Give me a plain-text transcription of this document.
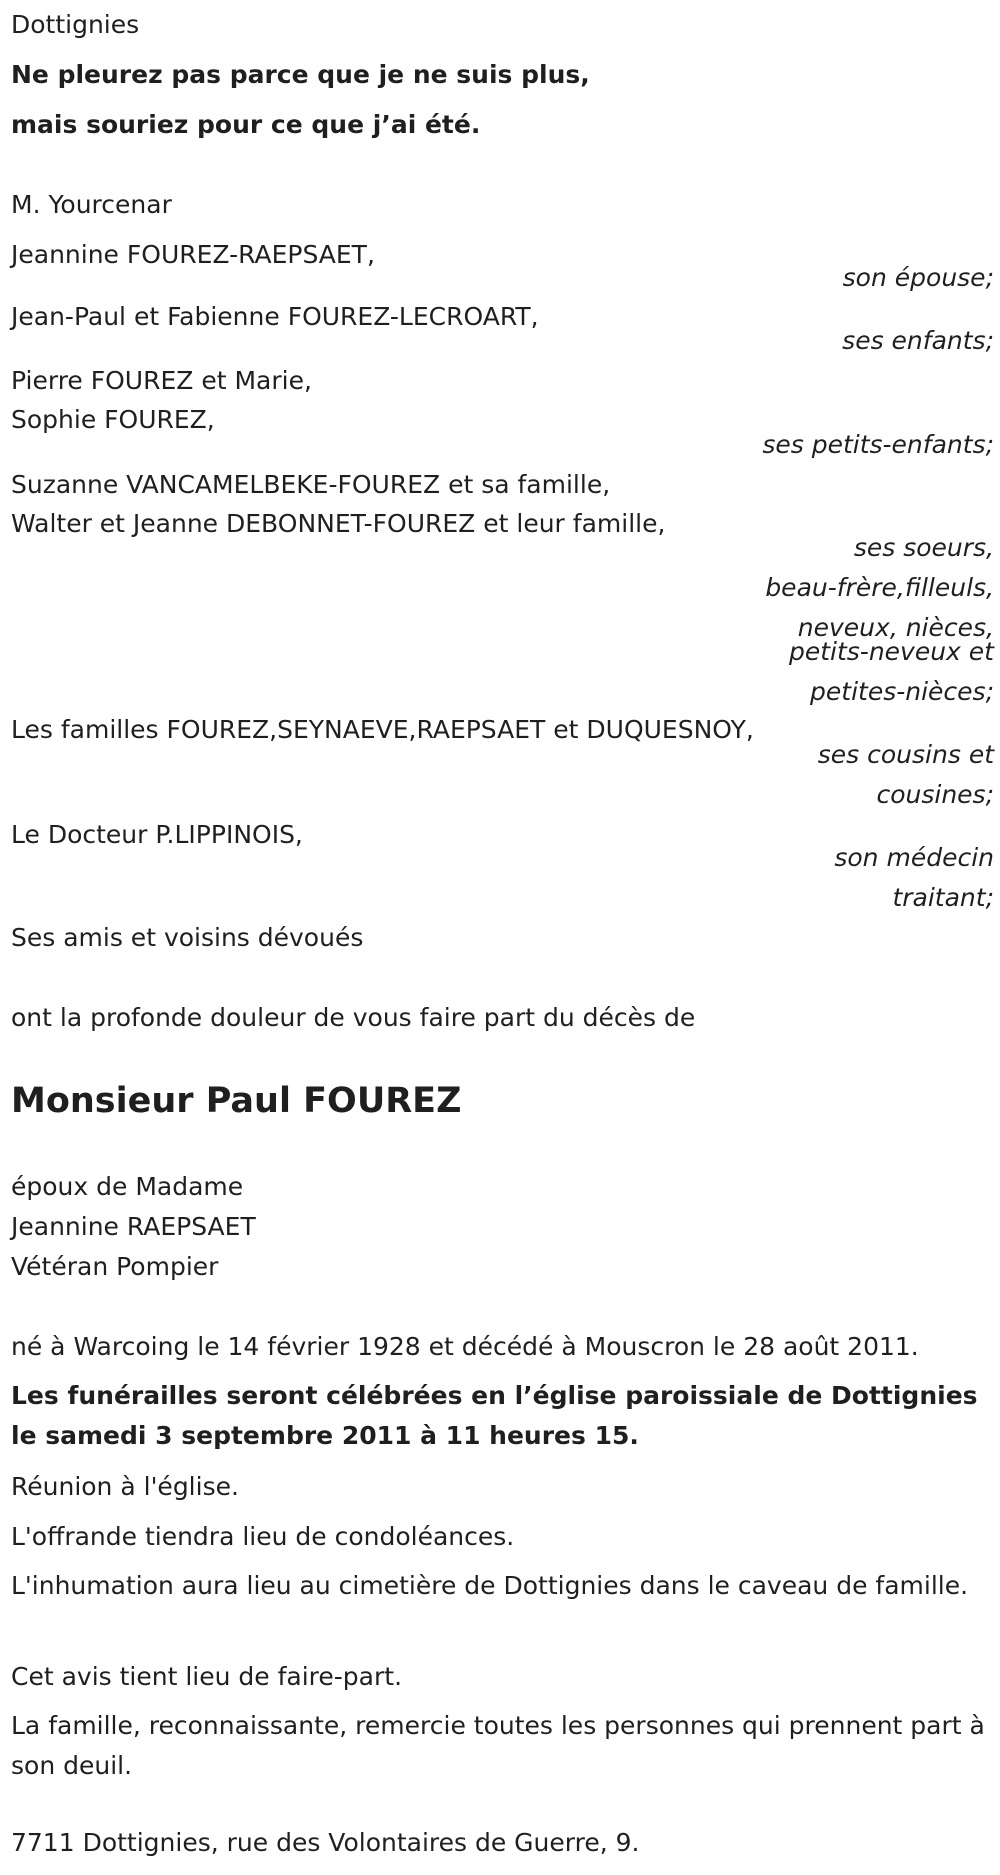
Dottignies
Ne pleurez pas parce que je ne suis plus,
mais souriez pour ce que j’ai été.
M. Yourcenar
Jeannine FOUREZ-RAEPSAET,
son épouse;
Jean-Paul et Fabienne FOUREZ-LECROART,
ses enfants;
Pierre FOUREZ et Marie,
Sophie FOUREZ,
ses petits-enfants;
Suzanne VANCAMELBEKE-FOUREZ et sa famille,
Walter et Jeanne DEBONNET-FOUREZ et leur famille,
ses soeurs,
beau-frère,filleuls,
neveux, nièces,
petits-neveux et
petites-nièces;
Les familles FOUREZ,SEYNAEVE,RAEPSAET et DUQUESNOY,
ses cousins et
cousines;
Le Docteur P.LIPPINOIS,
son médecin
traitant;
Ses amis et voisins dévoués
ont la profonde douleur de vous faire part du décès de
Monsieur Paul FOUREZ
époux de Madame
Jeannine RAEPSAET
Vétéran Pompier
né à Warcoing le 14 février 1928 et décédé à Mouscron le 28 août 2011.
Les funérailles seront célébrées en l’église paroissiale de Dottignies le samedi 3 septembre 2011 à 11 heures 15.
Réunion à l'église.
L'offrande tiendra lieu de condoléances.
L'inhumation aura lieu au cimetière de Dottignies dans le caveau de famille.
Cet avis tient lieu de faire-part.
La famille, reconnaissante, remercie toutes les personnes qui prennent part à son deuil.
7711 Dottignies, rue des Volontaires de Guerre, 9.
